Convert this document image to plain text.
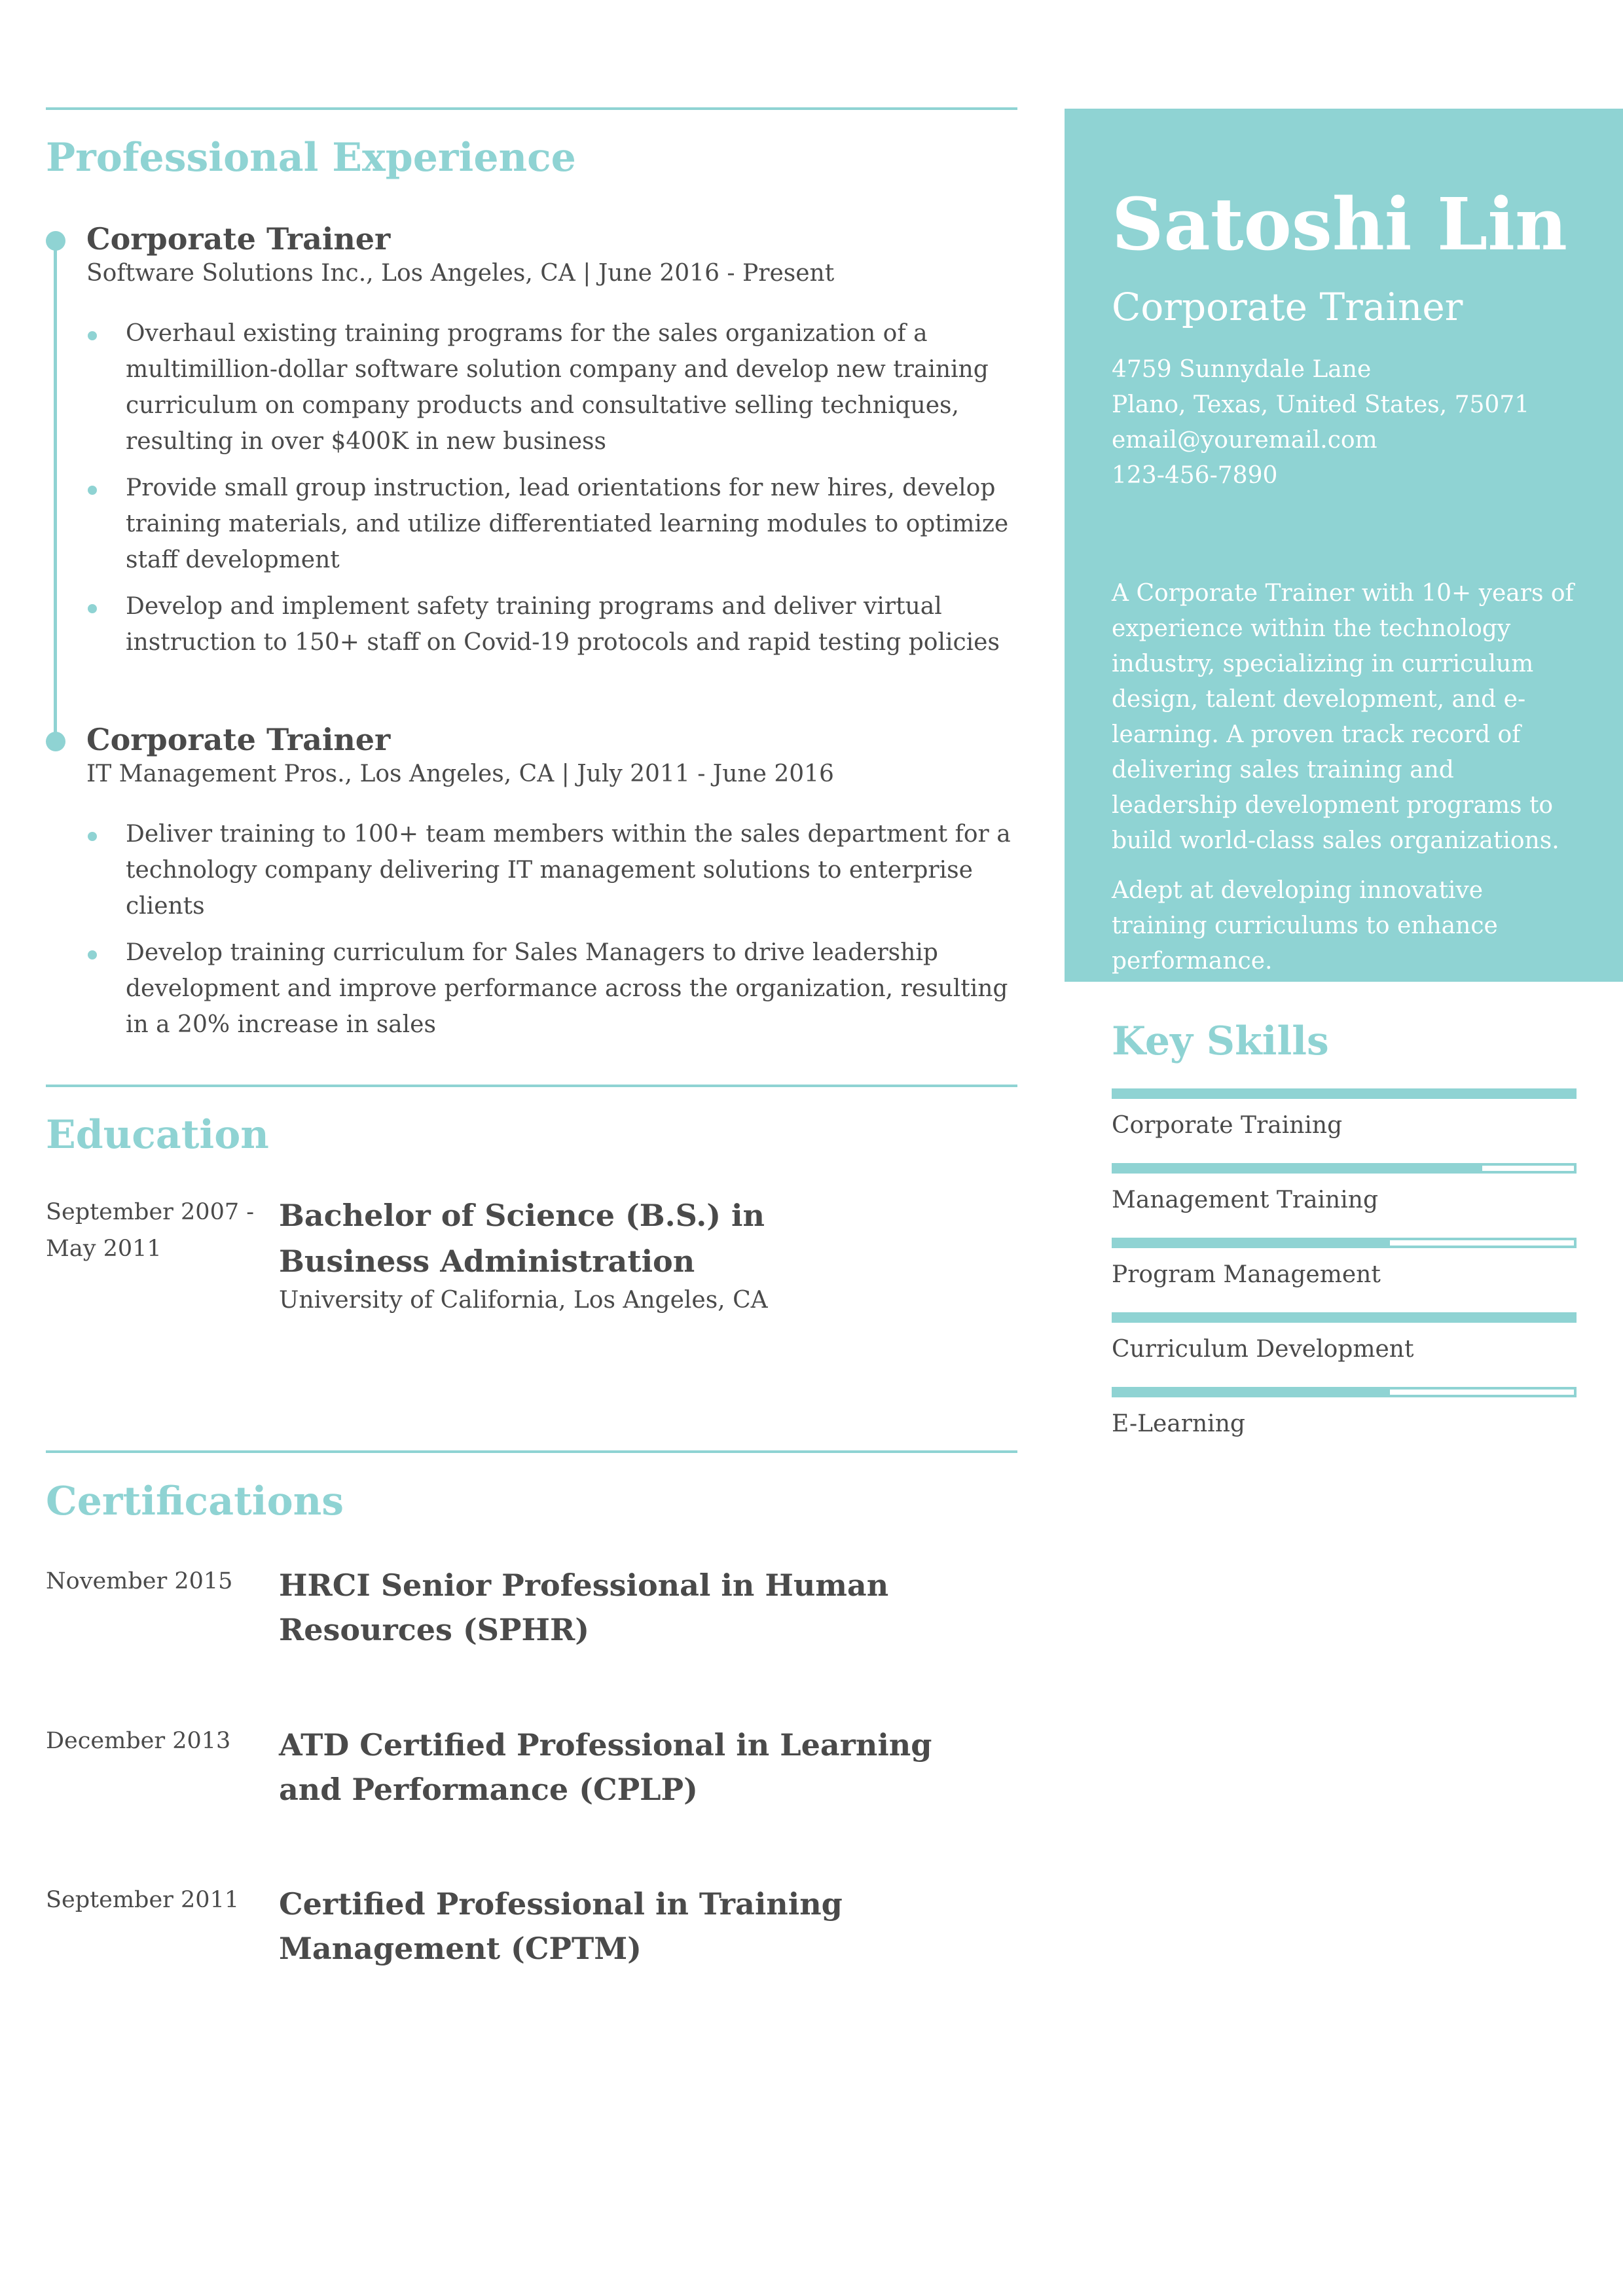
Professional Experience
Corporate Trainer
Software Solutions Inc., Los Angeles, CA | June 2016 - Present
Overhaul existing training programs for the sales organization of a multimillion-dollar software solution company and develop new training curriculum on company products and consultative selling techniques, resulting in over $400K in new business
Provide small group instruction, lead orientations for new hires, develop training materials, and utilize differentiated learning modules to optimize staff development
Develop and implement safety training programs and deliver virtual instruction to 150+ staff on Covid-19 protocols and rapid testing policies
Corporate Trainer
IT Management Pros., Los Angeles, CA | July 2011 - June 2016
Deliver training to 100+ team members within the sales department for a technology company delivering IT management solutions to enterprise clients
Develop training curriculum for Sales Managers to drive leadership development and improve performance across the organization, resulting in a 20% increase in sales
Education
September 2007 - May 2011
Bachelor of Science (B.S.) in Business Administration
University of California, Los Angeles, CA
Certifications
November 2015	HRCI Senior Professional in Human Resources (SPHR)
December 2013	ATD Certified Professional in Learning and Performance (CPLP)
September 2011	Certified Professional in Training Management (CPTM)
Satoshi Lin
Corporate Trainer
4759 Sunnydale Lane
Plano, Texas, United States, 75071
email@youremail.com
123-456-7890

A Corporate Trainer with 10+ years of experience within the technology industry, specializing in curriculum design, talent development, and e-learning. A proven track record of delivering sales training and leadership development programs to build world-class sales organizations.

Adept at developing innovative training curriculums to enhance performance.

Key Skills
Corporate Training
Management Training
Program Management
Curriculum Development
E-Learning
